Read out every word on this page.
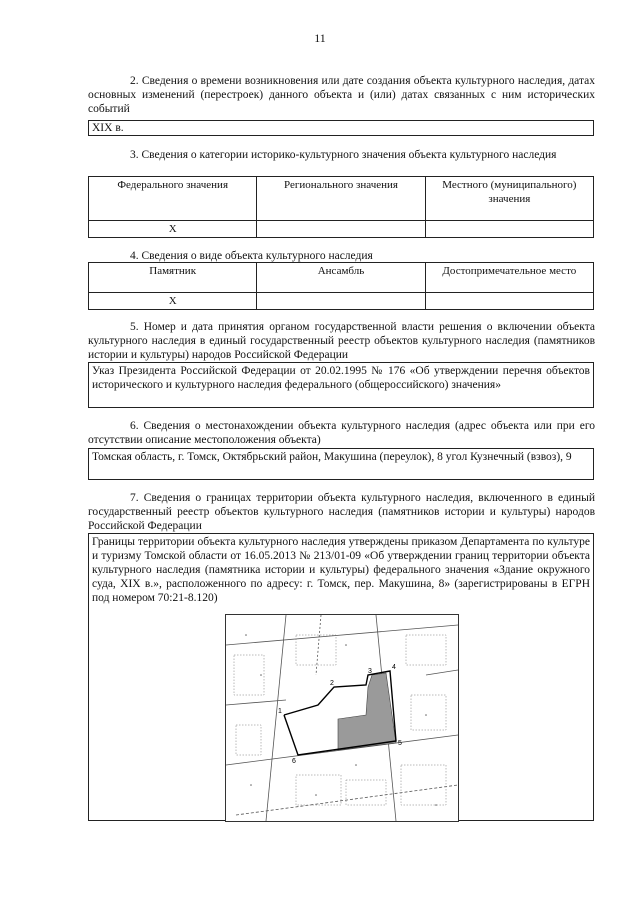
11
2. Сведения о времени возникновения или дате создания объекта культурного наследия, датах основных изменений (перестроек) данного объекта и (или) датах связанных с ним исторических событий
XIX в.
3. Сведения о категории историко-культурного значения объекта культурного наследия
Федерального значения	Регионального значения	Местного (муниципального) значения
X		
4. Сведения о виде объекта культурного наследия
Памятник	Ансамбль	Достопримечательное место
X		
5. Номер и дата принятия органом государственной власти решения о включении объекта культурного наследия в единый государственный реестр объектов культурного наследия (памятников истории и культуры) народов Российской Федерации
Указ Президента Российской Федерации от 20.02.1995 № 176 «Об утверждении перечня объектов исторического и культурного наследия федерального (общероссийского) значения»
6. Сведения о местонахождении объекта культурного наследия (адрес объекта или при его отсутствии описание местоположения объекта)
Томская область, г. Томск, Октябрьский район, Макушина (переулок), 8 угол Кузнечный (взвоз), 9
7. Сведения о границах территории объекта культурного наследия, включенного в единый государственный реестр объектов культурного наследия (памятников истории и культуры) народов Российской Федерации
Границы территории объекта культурного наследия утверждены приказом Департамента по культуре и туризму Томской области от 16.05.2013 № 213/01-09 «Об утверждении границ территории объекта культурного наследия (памятника истории и культуры) федерального значения «Здание окружного суда, XIX в.», расположенного по адресу: г. Томск, пер. Макушина, 8» (зарегистрированы в ЕГРН под номером 70:21-8.120)
1
2
3
4
5
6
